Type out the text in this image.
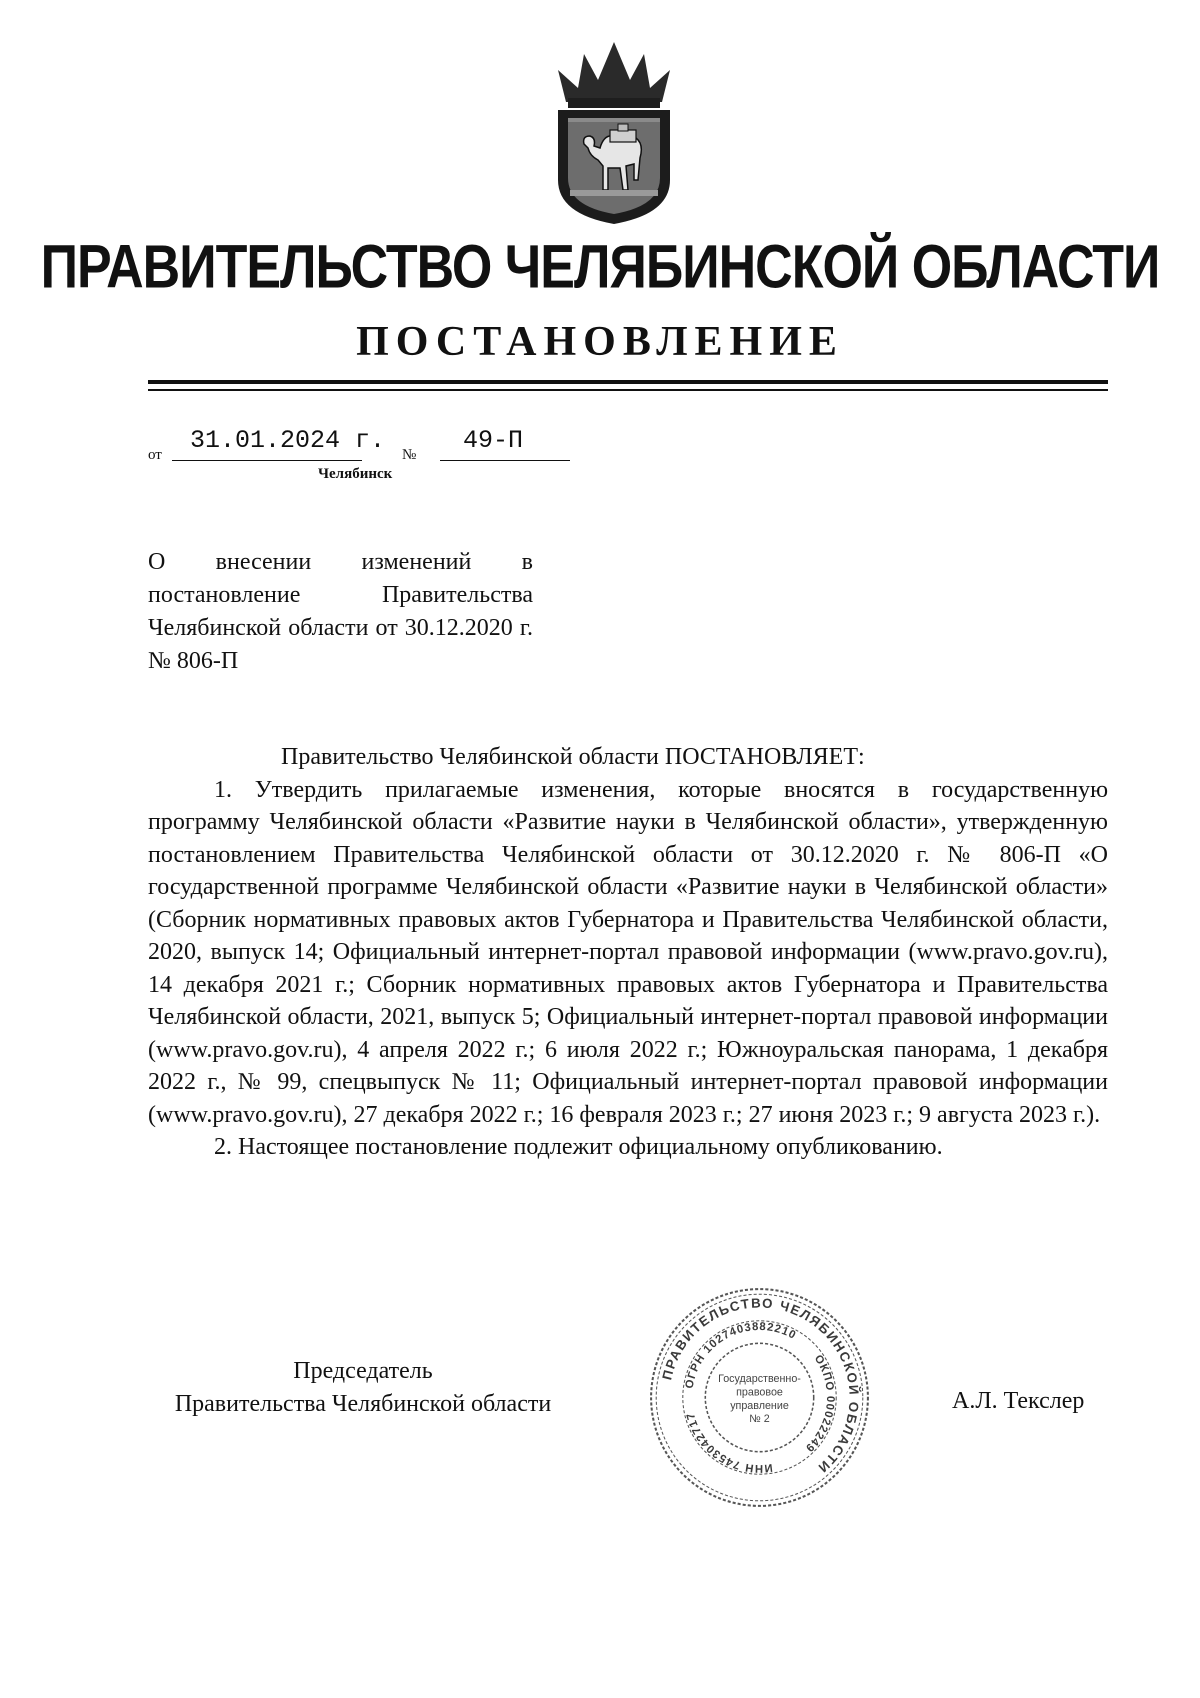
ПРАВИТЕЛЬСТВО ЧЕЛЯБИНСКОЙ ОБЛАСТИ
ПОСТАНОВЛЕНИЕ
от 31.01.2024 г. № 49-П
Челябинск
О внесении изменений в постановление Правительства Челябинской области от 30.12.2020 г. № 806-П

Правительство Челябинской области ПОСТАНОВЛЯЕТ:

1. Утвердить прилагаемые изменения, которые вносятся в государственную программу Челябинской области «Развитие науки в Челябинской области», утвержденную постановлением Правительства Челябинской области от 30.12.2020 г. № 806-П «О государственной программе Челябинской области «Развитие науки в Челябинской области» (Сборник нормативных правовых актов Губернатора и Правительства Челябинской области, 2020, выпуск 14; Официальный интернет-портал правовой информации (www.pravo.gov.ru), 14 декабря 2021 г.; Сборник нормативных правовых актов Губернатора и Правительства Челябинской области, 2021, выпуск 5; Официальный интернет-портал правовой информации (www.pravo.gov.ru), 4 апреля 2022 г.; 6 июля 2022 г.; Южноуральская панорама, 1 декабря 2022 г., № 99, спецвыпуск № 11; Официальный интернет-портал правовой информации (www.pravo.gov.ru), 27 декабря 2022 г.; 16 февраля 2023 г.; 27 июня 2023 г.; 9 августа 2023 г.).

2. Настоящее постановление подлежит официальному опубликованию.

Председатель
Правительства Челябинской области	А.Л. Текслер
ПРАВИТЕЛЬСТВО ЧЕЛЯБИНСКОЙ ОБЛАСТИ
ОГРН 1027403882210
ОКПО 00022249
ИНН 7453042717
Государственно-
правовое
управление
№ 2
